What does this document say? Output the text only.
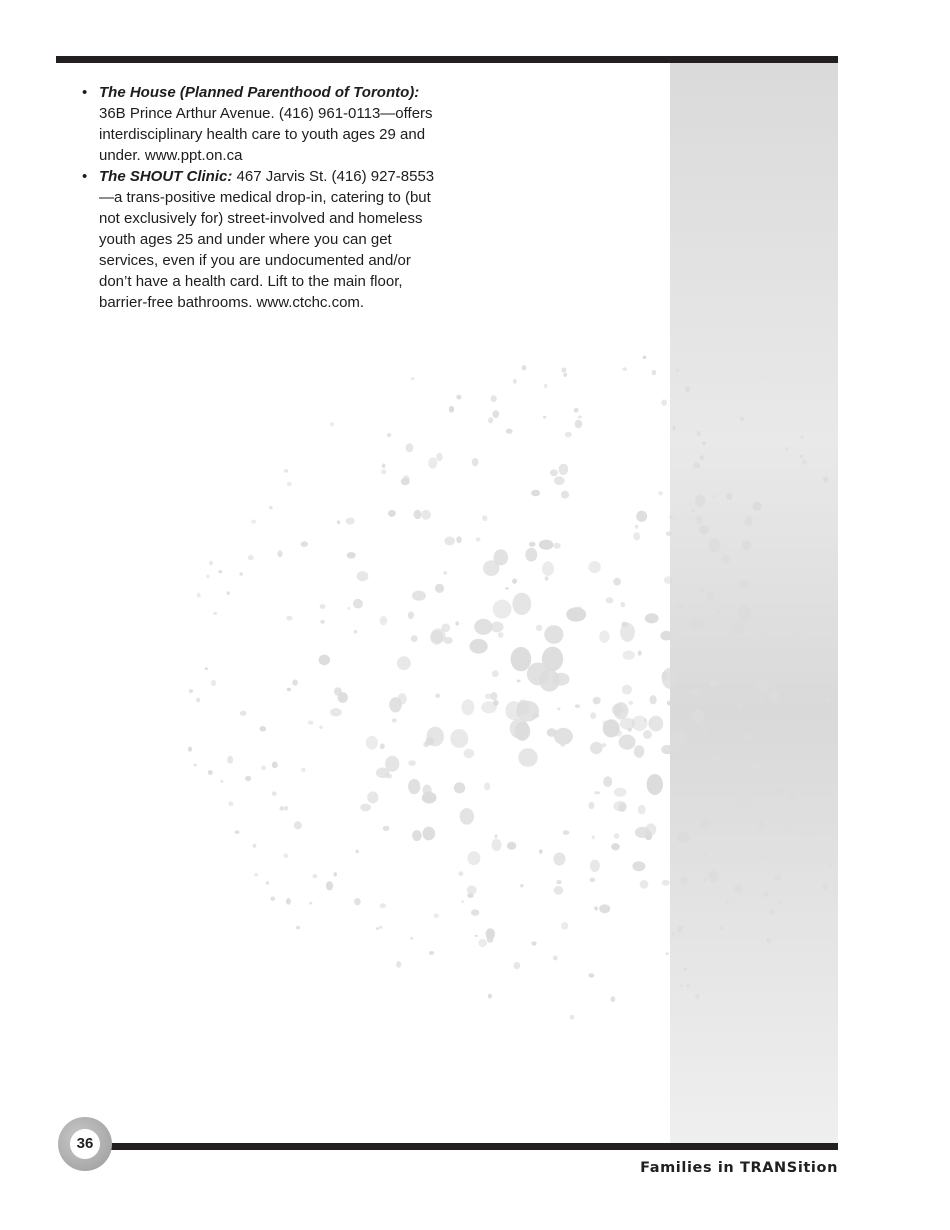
• The House (Planned Parenthood of Toronto): 36B Prince Arthur Avenue. (416) 961-0113—offers interdisciplinary health care to youth ages 29 and under. www.ppt.on.ca
• The SHOUT Clinic: 467 Jarvis St. (416) 927-8553—a trans-positive medical drop-in, catering to (but not exclusively for) street-involved and homeless youth ages 25 and under where you can get services, even if you are undocumented and/or don’t have a health card. Lift to the main floor, barrier-free bathrooms. www.ctchc.com.
36
Families in TRANSition
